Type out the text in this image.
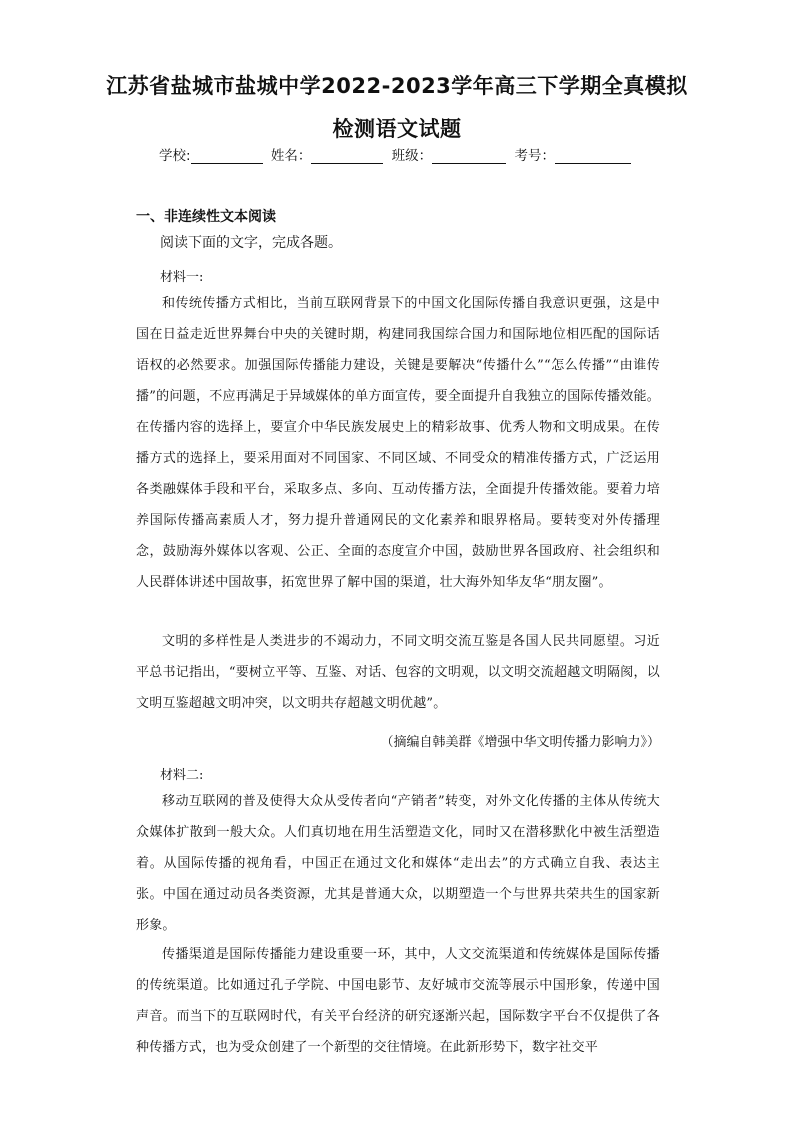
江苏省盐城市盐城中学2022-2023学年高三下学期全真模拟
检测语文试题
学校:	姓名：	班级：	考号：
一、非连续性文本阅读

阅读下面的文字，完成各题。

材料一:

和传统传播方式相比，当前互联网背景下的中国文化国际传播自我意识更强，这是中国在日益走近世界舞台中央的关键时期，构建同我国综合国力和国际地位相匹配的国际话语权的必然要求。加强国际传播能力建设，关键是要解决“传播什么”“怎么传播”“由谁传播”的问题，不应再满足于异域媒体的单方面宣传，要全面提升自我独立的国际传播效能。在传播内容的选择上，要宣介中华民族发展史上的精彩故事、优秀人物和文明成果。在传播方式的选择上，要采用面对不同国家、不同区域、不同受众的精准传播方式，广泛运用各类融媒体手段和平台，采取多点、多向、互动传播方法，全面提升传播效能。要着力培养国际传播高素质人才，努力提升普通网民的文化素养和眼界格局。要转变对外传播理念，鼓励海外媒体以客观、公正、全面的态度宣介中国，鼓励世界各国政府、社会组织和人民群体讲述中国故事，拓宽世界了解中国的渠道，壮大海外知华友华“朋友圈”。

文明的多样性是人类进步的不竭动力，不同文明交流互鉴是各国人民共同愿望。习近平总书记指出，“要树立平等、互鉴、对话、包容的文明观，以文明交流超越文明隔阂，以文明互鉴超越文明冲突，以文明共存超越文明优越”。

（摘编自韩美群《增强中华文明传播力影响力》）

材料二:

移动互联网的普及使得大众从受传者向“产销者”转变，对外文化传播的主体从传统大众媒体扩散到一般大众。人们真切地在用生活塑造文化，同时又在潜移默化中被生活塑造着。从国际传播的视角看，中国正在通过文化和媒体“走出去”的方式确立自我、表达主张。中国在通过动员各类资源，尤其是普通大众，以期塑造一个与世界共荣共生的国家新形象。

传播渠道是国际传播能力建设重要一环，其中，人文交流渠道和传统媒体是国际传播的传统渠道。比如通过孔子学院、中国电影节、友好城市交流等展示中国形象，传递中国声音。而当下的互联网时代，有关平台经济的研究逐渐兴起，国际数字平台不仅提供了各种传播方式，也为受众创建了一个新型的交往情境。在此新形势下，数字社交平
